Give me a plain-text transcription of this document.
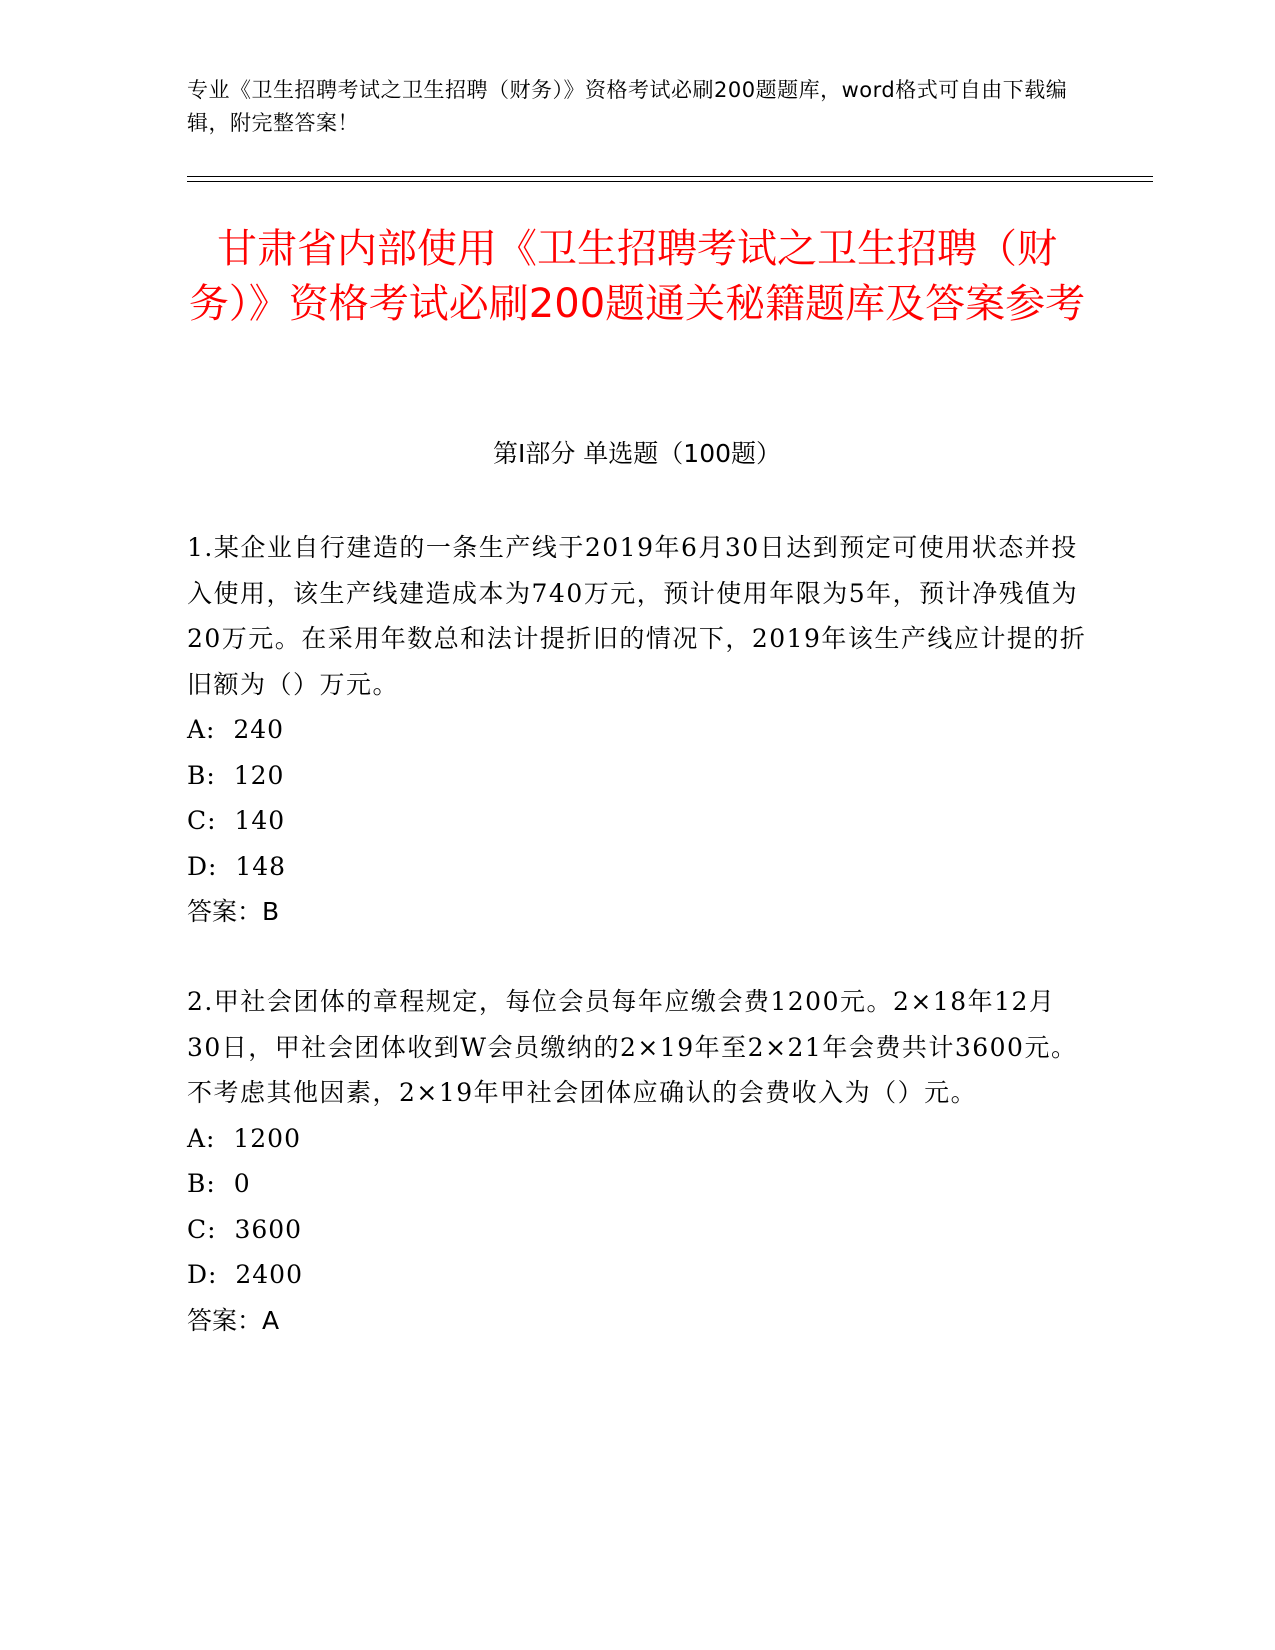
专业《卫生招聘考试之卫生招聘（财务）》资格考试必刷200题题库，word格式可自由下载编辑，附完整答案！
甘肃省内部使用《卫生招聘考试之卫生招聘（财务）》资格考试必刷200题通关秘籍题库及答案参考
第Ⅰ部分 单选题（100题）

1.某企业自行建造的一条生产线于2019年6月30日达到预定可使用状态并投入使用，该生产线建造成本为740万元，预计使用年限为5年，预计净残值为20万元。在采用年数总和法计提折旧的情况下，2019年该生产线应计提的折旧额为（）万元。

A:  240

B:  120

C:  140

D:  148

答案：B

2.甲社会团体的章程规定，每位会员每年应缴会费1200元。2×18年12月30日，甲社会团体收到W会员缴纳的2×19年至2×21年会费共计3600元。不考虑其他因素，2×19年甲社会团体应确认的会费收入为（）元。

A:  1200

B:  0

C:  3600

D:  2400

答案：A
